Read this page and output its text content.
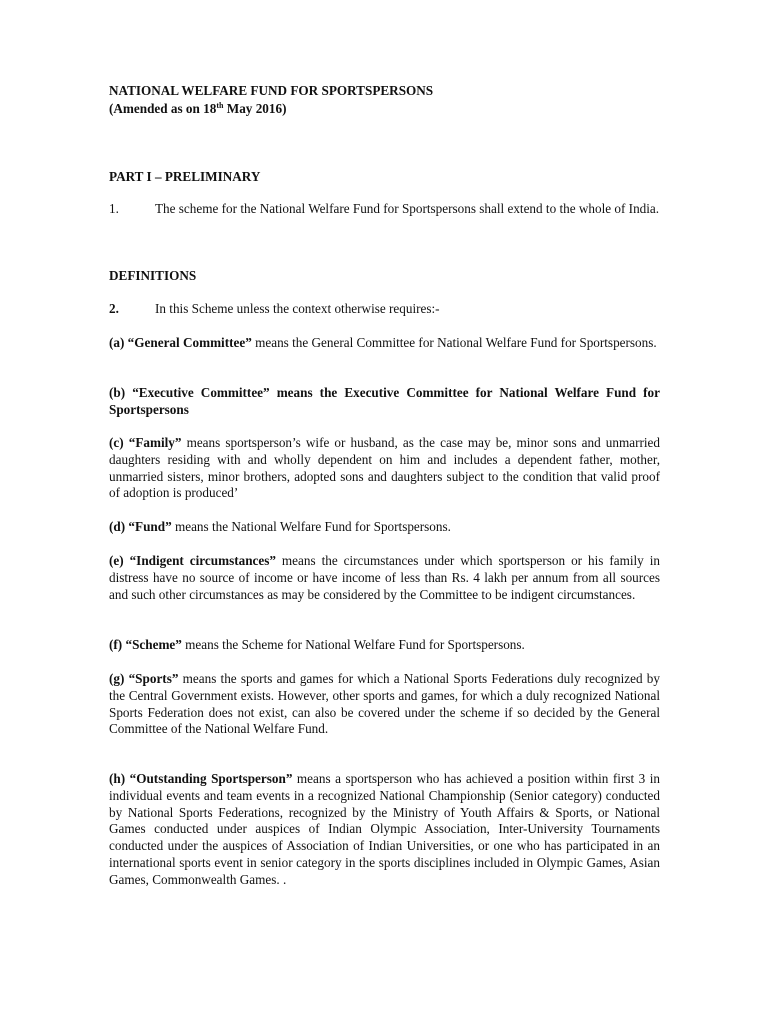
NATIONAL WELFARE FUND FOR SPORTSPERSONS
(Amended as on 18th May 2016)
PART I – PRELIMINARY
1.	The scheme for the National Welfare Fund for Sportspersons shall extend to the whole of India.
DEFINITIONS
2.	In this Scheme unless the context otherwise requires:-
(a) “General Committee” means the General Committee for National Welfare Fund for Sportspersons.
(b) “Executive Committee” means the Executive Committee for National Welfare Fund for Sportspersons
(c) “Family” means sportsperson’s wife or husband, as the case may be, minor sons and unmarried daughters residing with and wholly dependent on him and includes a dependent father, mother, unmarried sisters, minor brothers, adopted sons and daughters subject to the condition that valid proof of adoption is produced’
(d) “Fund” means the National Welfare Fund for Sportspersons.
(e) “Indigent circumstances” means the circumstances under which sportsperson or his family in distress have no source of income or have income of less than Rs. 4 lakh per annum from all sources and such other circumstances as may be considered by the Committee to be indigent circumstances.
(f) “Scheme” means the Scheme for National Welfare Fund for Sportspersons.
(g) “Sports” means the sports and games for which a National Sports Federations duly recognized by the Central Government exists. However, other sports and games, for which a duly recognized National Sports Federation does not exist, can also be covered under the scheme if so decided by the General Committee of the National Welfare Fund.
(h) “Outstanding Sportsperson” means a sportsperson who has achieved a position within first 3 in individual events and team events in a recognized National Championship (Senior category) conducted by National Sports Federations, recognized by the Ministry of Youth Affairs & Sports, or National Games conducted under auspices of Indian Olympic Association, Inter-University Tournaments conducted under the auspices of Association of Indian Universities, or one who has participated in an international sports event in senior category in the sports disciplines included in Olympic Games, Asian Games, Commonwealth Games. .
